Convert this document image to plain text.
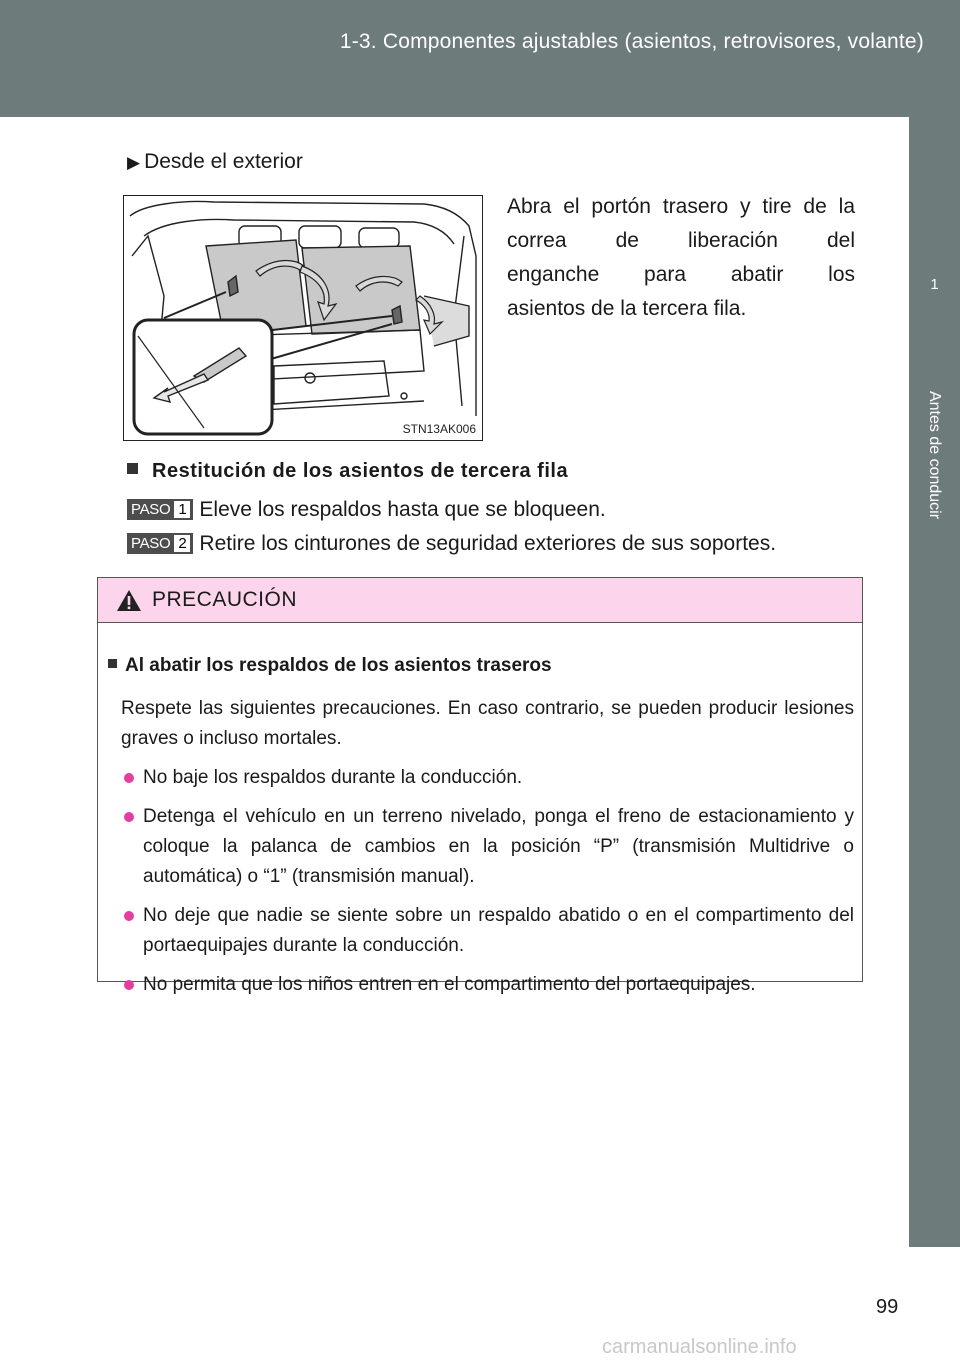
1-3. Componentes ajustables (asientos, retrovisores, volante)
1
Antes de conducir
▶ Desde el exterior
STN13AK006
Abra el portón trasero y tire de la
correa de liberación del
enganche para abatir los
asientos de la tercera fila.
Restitución de los asientos de tercera fila
PASO 1 Eleve los respaldos hasta que se bloqueen.
PASO 2 Retire los cinturones de seguridad exteriores de sus soportes.
PRECAUCIÓN
Al abatir los respaldos de los asientos traseros
Respete las siguientes precauciones. En caso contrario, se pueden producir lesiones graves o incluso mortales.
No baje los respaldos durante la conducción.
Detenga el vehículo en un terreno nivelado, ponga el freno de estacionamiento y coloque la palanca de cambios en la posición “P” (transmisión Multidrive o automática) o “1” (transmisión manual).
No deje que nadie se siente sobre un respaldo abatido o en el compartimento del portaequipajes durante la conducción.
No permita que los niños entren en el compartimento del portaequipajes.
99
carmanualsonline.info
